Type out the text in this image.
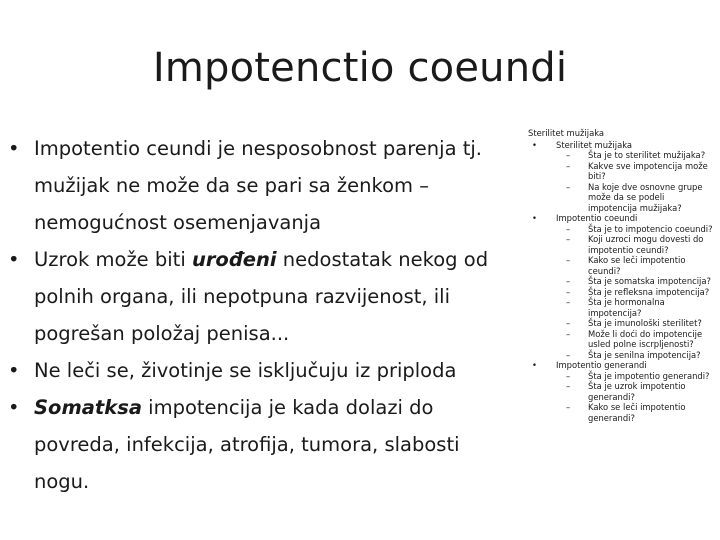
Impotenctio coeundi
• Impotentio ceundi je nesposobnost parenja tj. mužijak ne može da se pari sa ženkom – nemogućnost osemenjavanja
• Uzrok može biti urođeni nedostatak nekog od polnih organa, ili nepotpuna razvijenost, ili pogrešan položaj penisa...
• Ne leči se, životinje se isključuju iz priploda
• Somatksa impotencija je kada dolazi do povreda, infekcija, atrofija, tumora, slabosti nogu.
Sterilitet mužijaka
• Sterilitet mužijaka
– Šta je to sterilitet mužijaka?
– Kakve sve impotencija može biti?
– Na koje dve osnovne grupe može da se podeli impotencija mužijaka?
• Impotentio coeundi
– Šta je to impotencio coeundi?
– Koji uzroci mogu dovesti do impotentio ceundi?
– Kako se leči impotentio ceundi?
– Šta je somatska impotencija?
– Šta je refleksna impotencija?
– Šta je hormonalna impotencija?
– Šta je imunološki sterilitet?
– Može li doći do impotencije usled polne iscrpljenosti?
– Šta je senilna impotencija?
• Impotentio generandi
– Šta je impotentio generandi?
– Šta je uzrok impotentio generandi?
– Kako se leči impotentio generandi?
